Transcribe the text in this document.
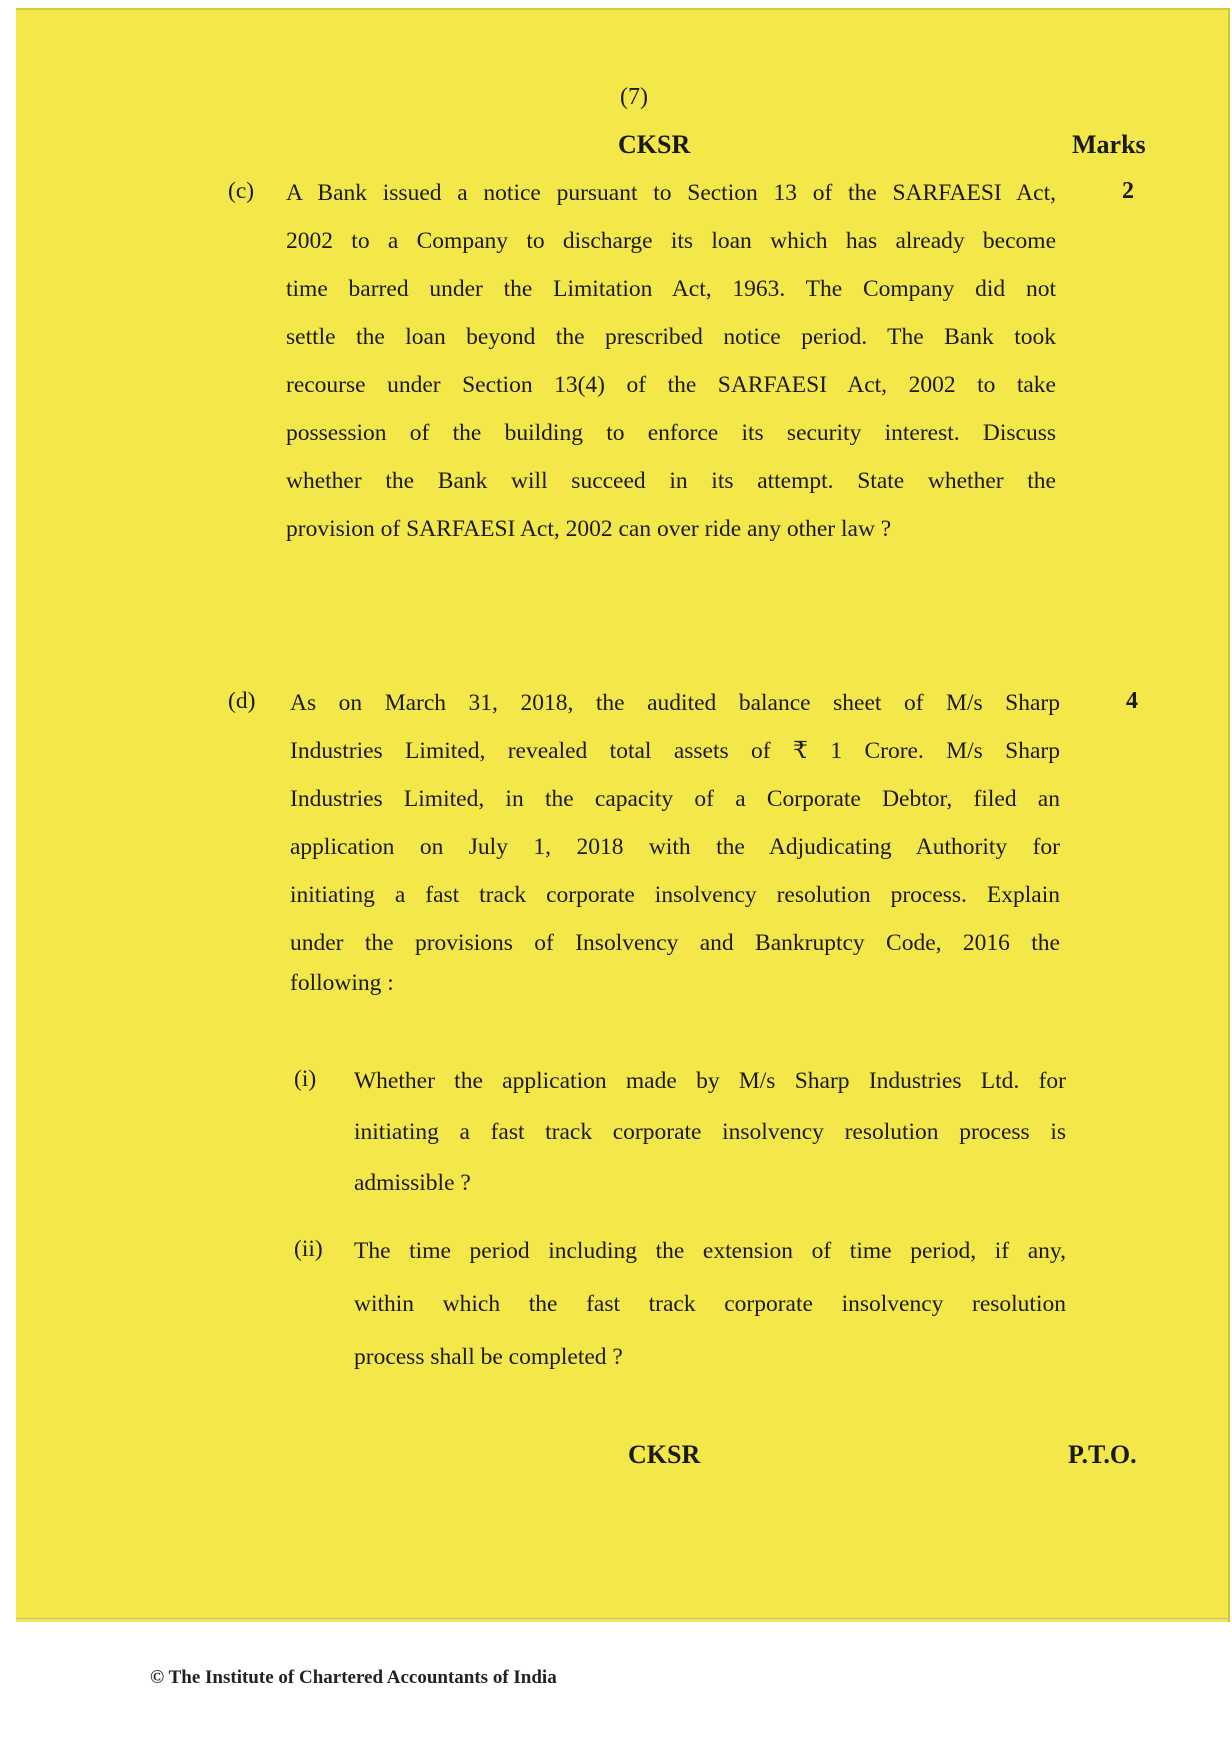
(7)
CKSR	Marks
(c)	2
A Bank issued a notice pursuant to Section 13 of the SARFAESI Act,
2002 to a Company to discharge its loan which has already become
time barred under the Limitation Act, 1963. The Company did not
settle the loan beyond the prescribed notice period. The Bank took
recourse under Section 13(4) of the SARFAESI Act, 2002 to take
possession of the building to enforce its security interest. Discuss
whether the Bank will succeed in its attempt. State whether the
provision of SARFAESI Act, 2002 can over ride any other law ?
(d)	4
As on March 31, 2018, the audited balance sheet of M/s Sharp
Industries Limited, revealed total assets of ₹ 1 Crore. M/s Sharp
Industries Limited, in the capacity of a Corporate Debtor, filed an
application on July 1, 2018 with the Adjudicating Authority for
initiating a fast track corporate insolvency resolution process. Explain
under the provisions of Insolvency and Bankruptcy Code, 2016 the
following :
(i) Whether the application made by M/s Sharp Industries Ltd. for
initiating a fast track corporate insolvency resolution process is
admissible ?
(ii) The time period including the extension of time period, if any,
within which the fast track corporate insolvency resolution
process shall be completed ?
CKSR	P.T.O.
© The Institute of Chartered Accountants of India
